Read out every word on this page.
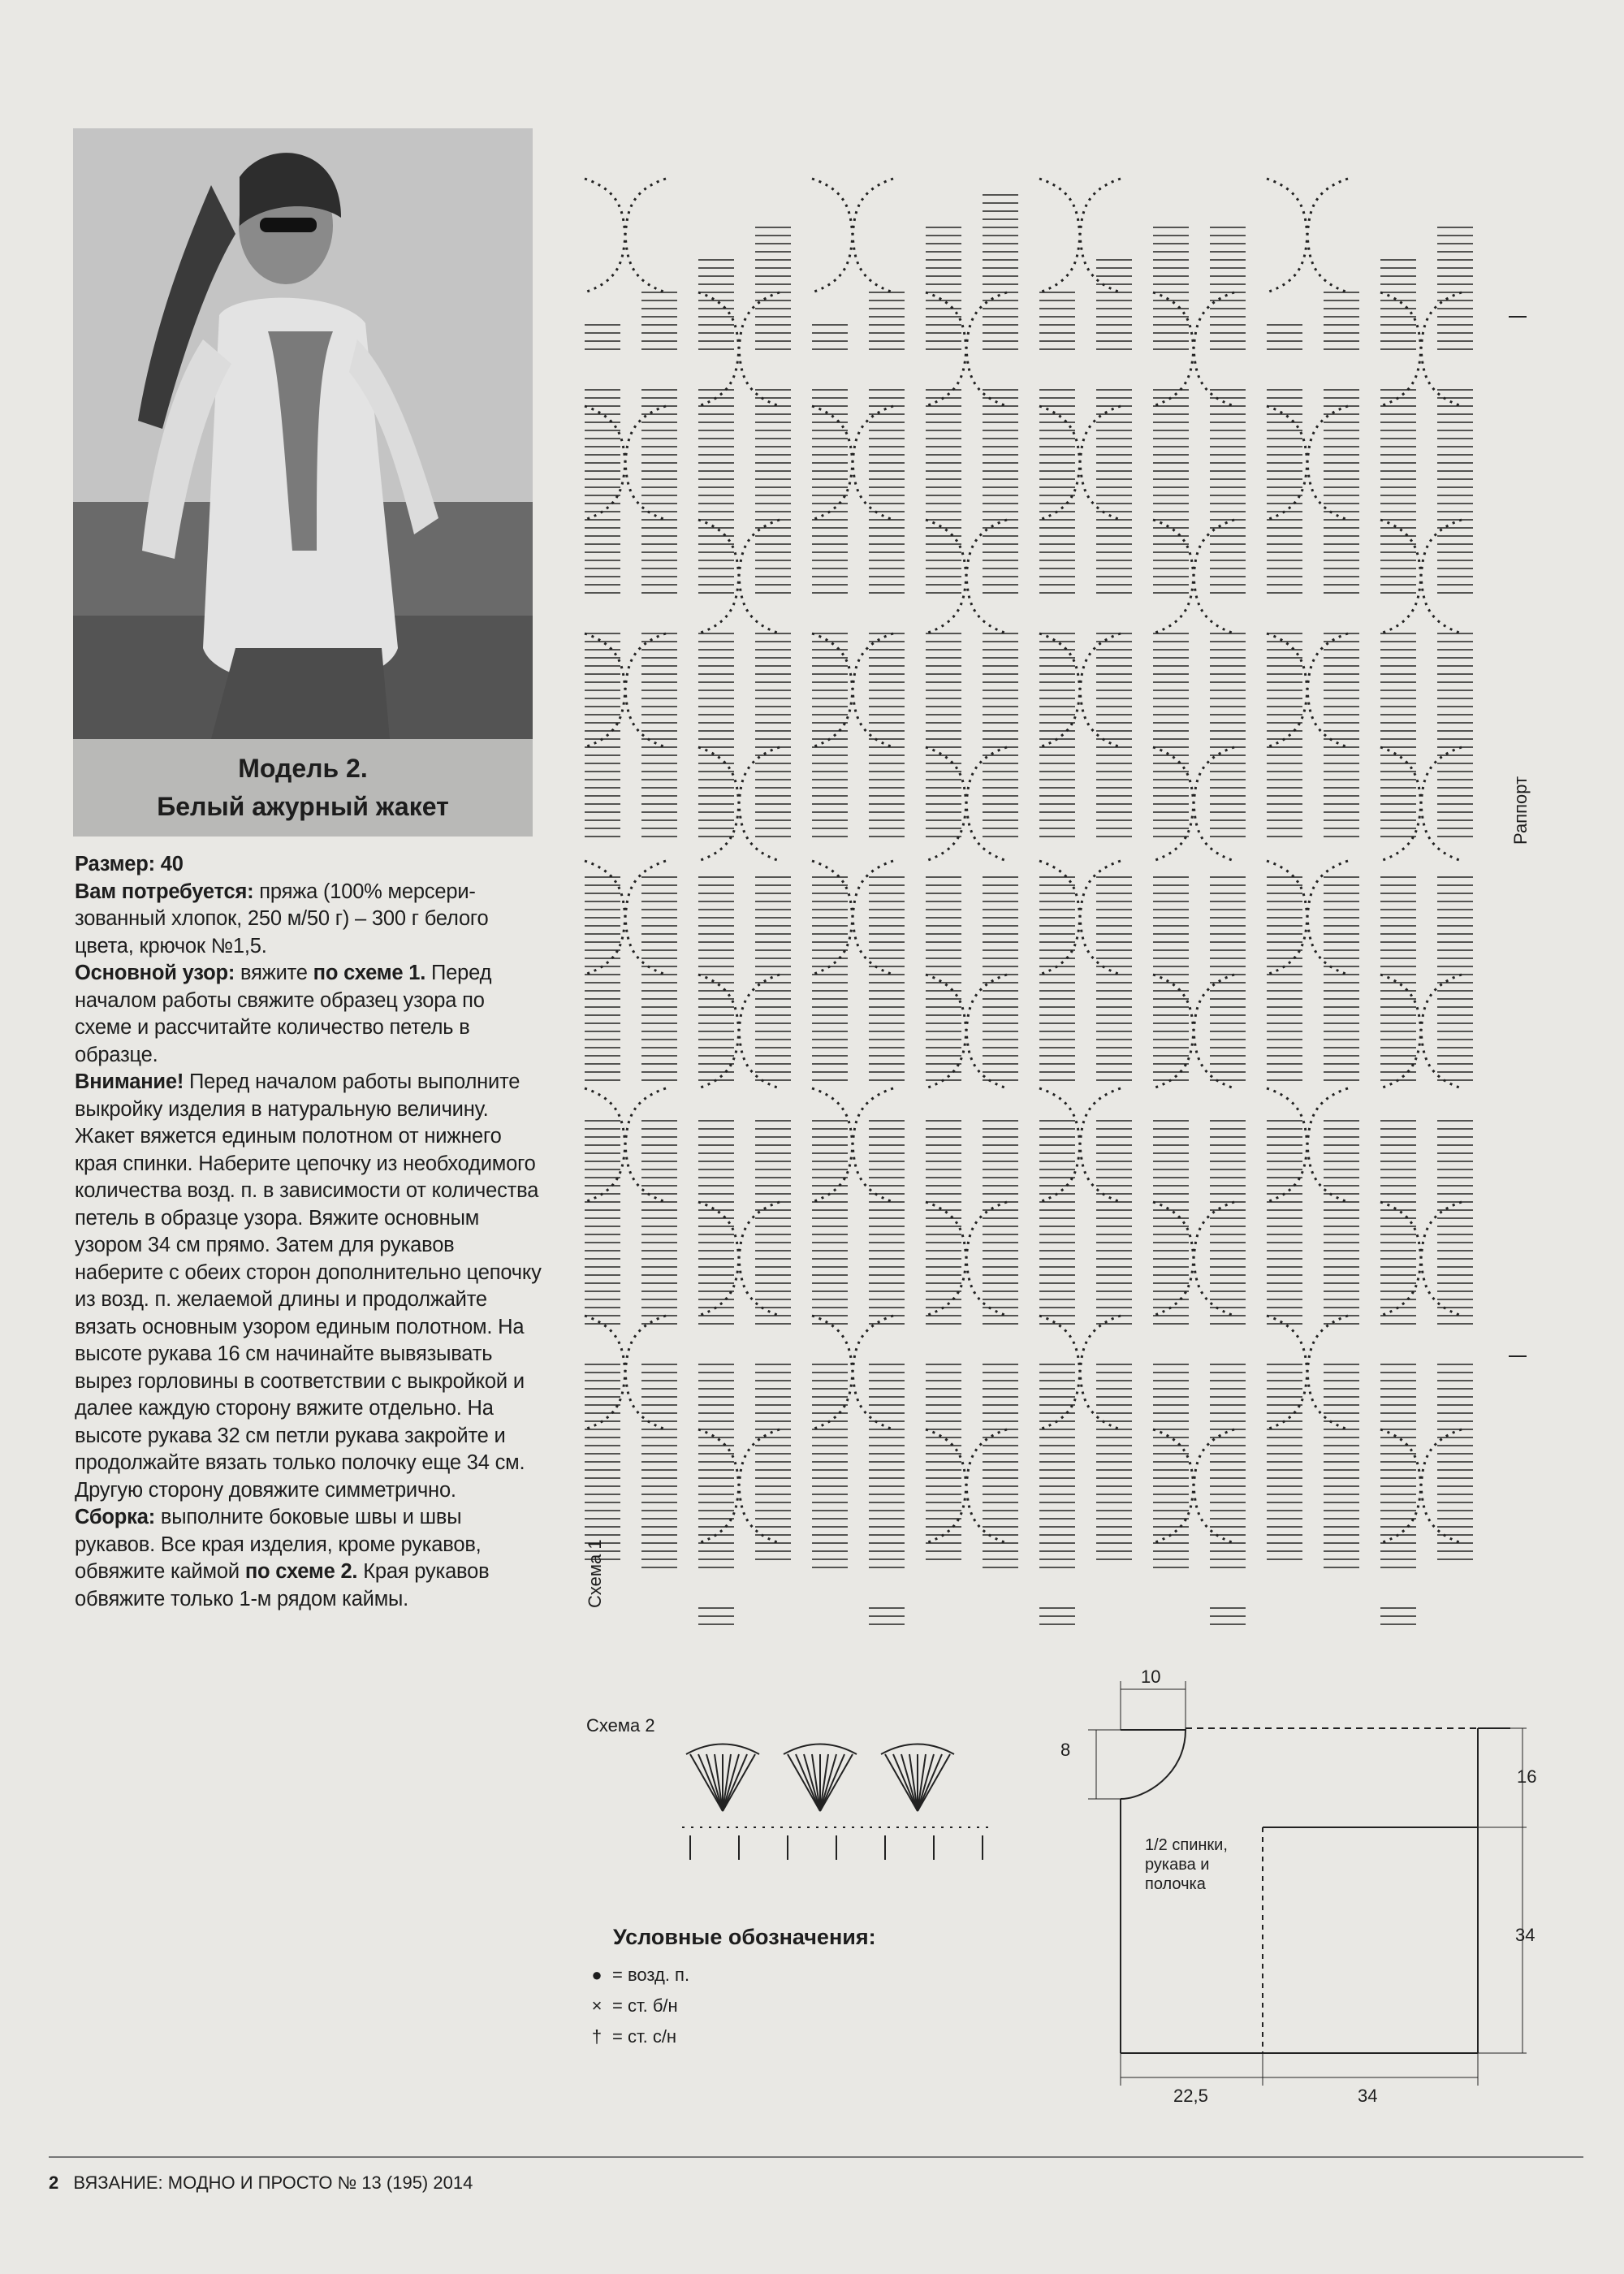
Модель 2.
Белый ажурный жакет

Размер: 40

Вам потребуется: пряжа (100% мерсери-зованный хлопок, 250 м/50 г) – 300 г белого цвета, крючок №1,5.

Основной узор: вяжите по схеме 1. Перед началом работы свяжите образец узора по схеме и рассчитайте количество петель в образце.

Внимание! Перед началом работы выполните выкройку изделия в натуральную величину.

Жакет вяжется единым полотном от нижнего края спинки. Наберите цепочку из необходимого количества возд. п. в зависимости от количества петель в образце узора. Вяжите основным узором 34 см прямо. Затем для рукавов наберите с обеих сторон дополнительно цепочку из возд. п. желаемой длины и продолжайте вязать основным узором единым полотном. На высоте рукава 16 см начинайте вывязывать вырез горловины в соответствии с выкройкой и далее каждую сторону вяжите отдельно. На высоте рукава 32 см петли рукава закройте и продолжайте вязать только полочку еще 34 см. Другую сторону довяжите симметрично.

Сборка: выполните боковые швы и швы рукавов. Все края изделия, кроме рукавов, обвяжите каймой по схеме 2. Края рукавов обвяжите только 1-м рядом каймы.

Раппорт
Схема 1
Схема 2
Условные обозначения:
● = возд. п.
× = ст. б/н
† = ст. с/н
10
8
16
34
22,5	34
1/2 спинки, рукава и полочка
2 ВЯЗАНИЕ: МОДНО И ПРОСТО № 13 (195) 2014
